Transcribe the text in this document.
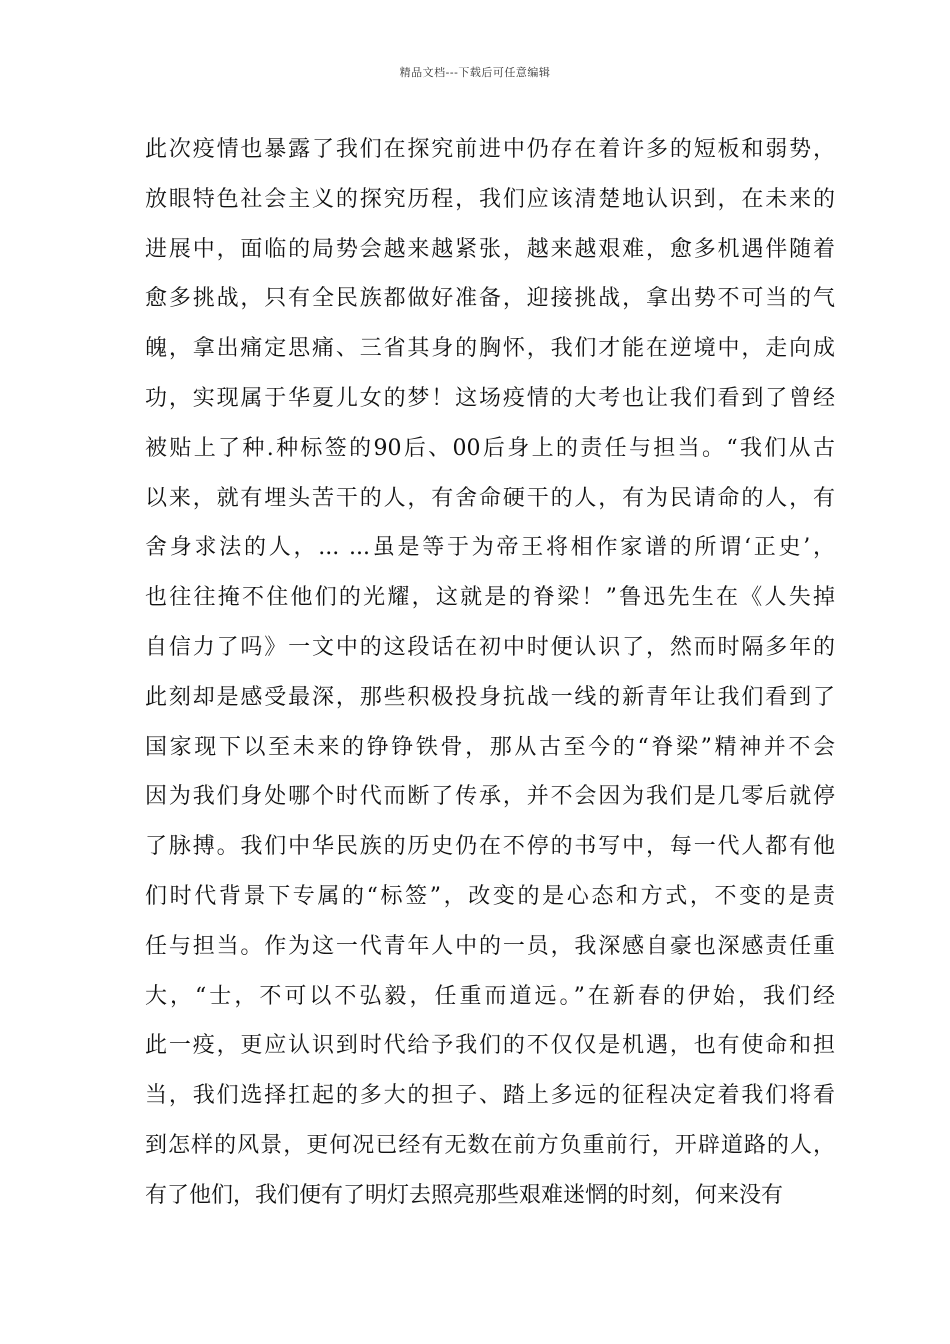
精品文档---下载后可任意编辑
此次疫情也暴露了我们在探究前进中仍存在着许多的短板和弱势，
放眼特色社会主义的探究历程，我们应该清楚地认识到，在未来的
进展中，面临的局势会越来越紧张，越来越艰难，愈多机遇伴随着
愈多挑战，只有全民族都做好准备，迎接挑战，拿出势不可当的气
魄，拿出痛定思痛、三省其身的胸怀，我们才能在逆境中，走向成
功，实现属于华夏儿女的梦！这场疫情的大考也让我们看到了曾经
被贴上了种.种标签的90后、00后身上的责任与担当。“我们从古
以来，就有埋头苦干的人，有舍命硬干的人，有为民请命的人，有
舍身求法的人，... ...虽是等于为帝王将相作家谱的所谓‘正史’，
也往往掩不住他们的光耀，这就是的脊梁！”鲁迅先生在《人失掉
自信力了吗》一文中的这段话在初中时便认识了，然而时隔多年的
此刻却是感受最深，那些积极投身抗战一线的新青年让我们看到了
国家现下以至未来的铮铮铁骨，那从古至今的“脊梁”精神并不会
因为我们身处哪个时代而断了传承，并不会因为我们是几零后就停
了脉搏。我们中华民族的历史仍在不停的书写中，每一代人都有他
们时代背景下专属的“标签”，改变的是心态和方式，不变的是责
任与担当。作为这一代青年人中的一员，我深感自豪也深感责任重
大，“士，不可以不弘毅，任重而道远。”在新春的伊始，我们经
此一疫，更应认识到时代给予我们的不仅仅是机遇，也有使命和担
当，我们选择扛起的多大的担子、踏上多远的征程决定着我们将看
到怎样的风景，更何况已经有无数在前方负重前行，开辟道路的人，
有了他们，我们便有了明灯去照亮那些艰难迷惘的时刻，何来没有
